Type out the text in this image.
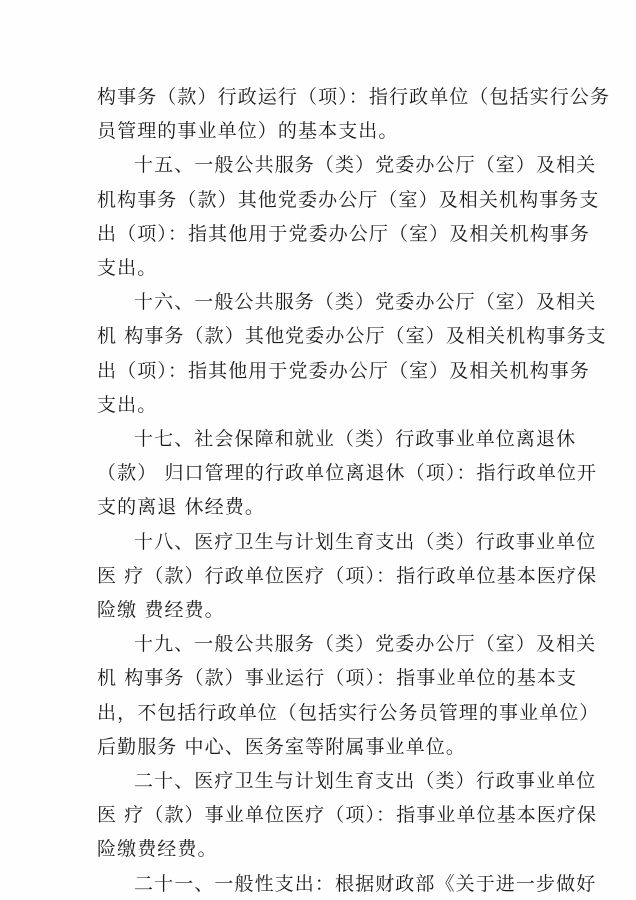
构事务（款）行政运行（项）：指行政单位（包括实行公务
员管理的事业单位）的基本支出。
十五、一般公共服务（类）党委办公厅（室）及相关
机构事务（款）其他党委办公厅（室）及相关机构事务支
出（项）：指其他用于党委办公厅（室）及相关机构事务
支出。
十六、一般公共服务（类）党委办公厅（室）及相关
机 构事务（款）其他党委办公厅（室）及相关机构事务支
出（项）：指其他用于党委办公厅（室）及相关机构事务
支出。
十七、社会保障和就业（类）行政事业单位离退休
（款） 归口管理的行政单位离退休（项）：指行政单位开
支的离退 休经费。
十八、医疗卫生与计划生育支出（类）行政事业单位
医 疗（款）行政单位医疗（项）：指行政单位基本医疗保
险缴 费经费。
十九、一般公共服务（类）党委办公厅（室）及相关
机 构事务（款）事业运行（项）：指事业单位的基本支
出，不包括行政单位（包括实行公务员管理的事业单位）
后勤服务 中心、医务室等附属事业单位。
二十、医疗卫生与计划生育支出（类）行政事业单位
医 疗（款）事业单位医疗（项）：指事业单位基本医疗保
险缴费经费。
二十一、一般性支出：根据财政部《关于进一步做好
